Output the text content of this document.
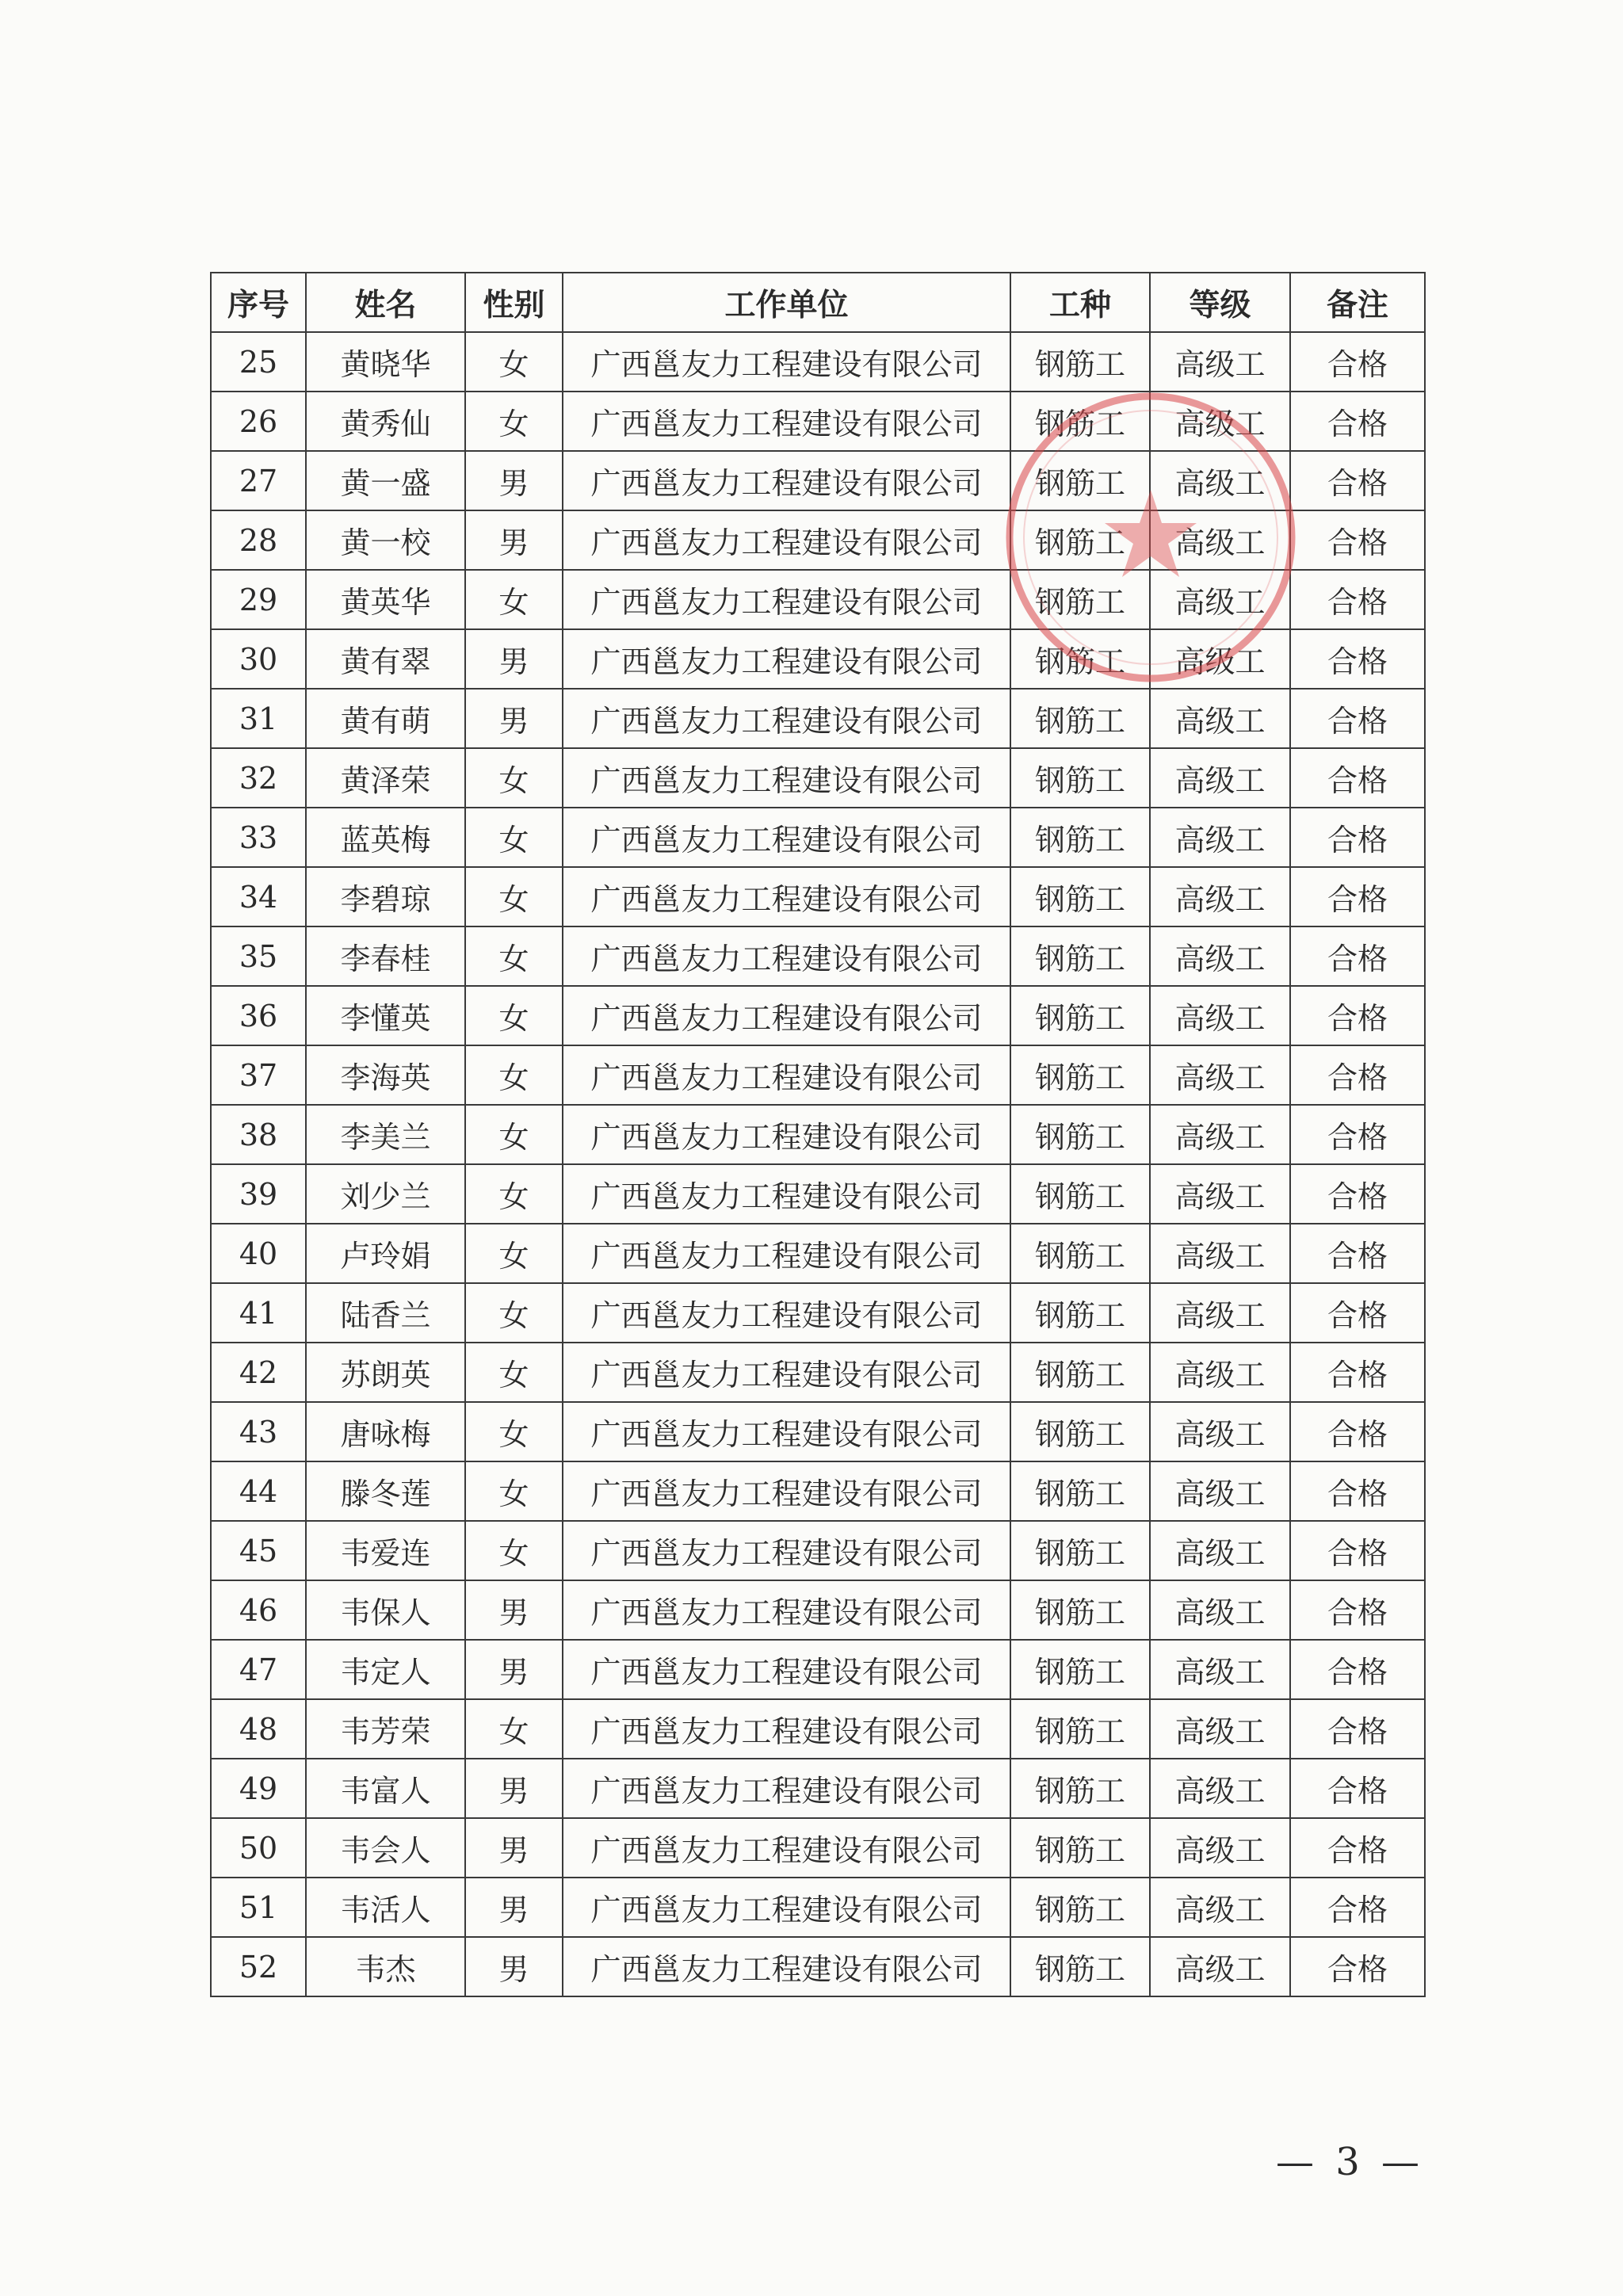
序号	姓名	性别	工作单位	工种	等级	备注
25	黄晓华	女	广西邕友力工程建设有限公司	钢筋工	高级工	合格
26	黄秀仙	女	广西邕友力工程建设有限公司	钢筋工	高级工	合格
27	黄一盛	男	广西邕友力工程建设有限公司	钢筋工	高级工	合格
28	黄一校	男	广西邕友力工程建设有限公司	钢筋工	高级工	合格
29	黄英华	女	广西邕友力工程建设有限公司	钢筋工	高级工	合格
30	黄有翠	男	广西邕友力工程建设有限公司	钢筋工	高级工	合格
31	黄有萌	男	广西邕友力工程建设有限公司	钢筋工	高级工	合格
32	黄泽荣	女	广西邕友力工程建设有限公司	钢筋工	高级工	合格
33	蓝英梅	女	广西邕友力工程建设有限公司	钢筋工	高级工	合格
34	李碧琼	女	广西邕友力工程建设有限公司	钢筋工	高级工	合格
35	李春桂	女	广西邕友力工程建设有限公司	钢筋工	高级工	合格
36	李懂英	女	广西邕友力工程建设有限公司	钢筋工	高级工	合格
37	李海英	女	广西邕友力工程建设有限公司	钢筋工	高级工	合格
38	李美兰	女	广西邕友力工程建设有限公司	钢筋工	高级工	合格
39	刘少兰	女	广西邕友力工程建设有限公司	钢筋工	高级工	合格
40	卢玲娟	女	广西邕友力工程建设有限公司	钢筋工	高级工	合格
41	陆香兰	女	广西邕友力工程建设有限公司	钢筋工	高级工	合格
42	苏朗英	女	广西邕友力工程建设有限公司	钢筋工	高级工	合格
43	唐咏梅	女	广西邕友力工程建设有限公司	钢筋工	高级工	合格
44	滕冬莲	女	广西邕友力工程建设有限公司	钢筋工	高级工	合格
45	韦爱连	女	广西邕友力工程建设有限公司	钢筋工	高级工	合格
46	韦保人	男	广西邕友力工程建设有限公司	钢筋工	高级工	合格
47	韦定人	男	广西邕友力工程建设有限公司	钢筋工	高级工	合格
48	韦芳荣	女	广西邕友力工程建设有限公司	钢筋工	高级工	合格
49	韦富人	男	广西邕友力工程建设有限公司	钢筋工	高级工	合格
50	韦会人	男	广西邕友力工程建设有限公司	钢筋工	高级工	合格
51	韦活人	男	广西邕友力工程建设有限公司	钢筋工	高级工	合格
52	韦杰	男	广西邕友力工程建设有限公司	钢筋工	高级工	合格
— 3 —
